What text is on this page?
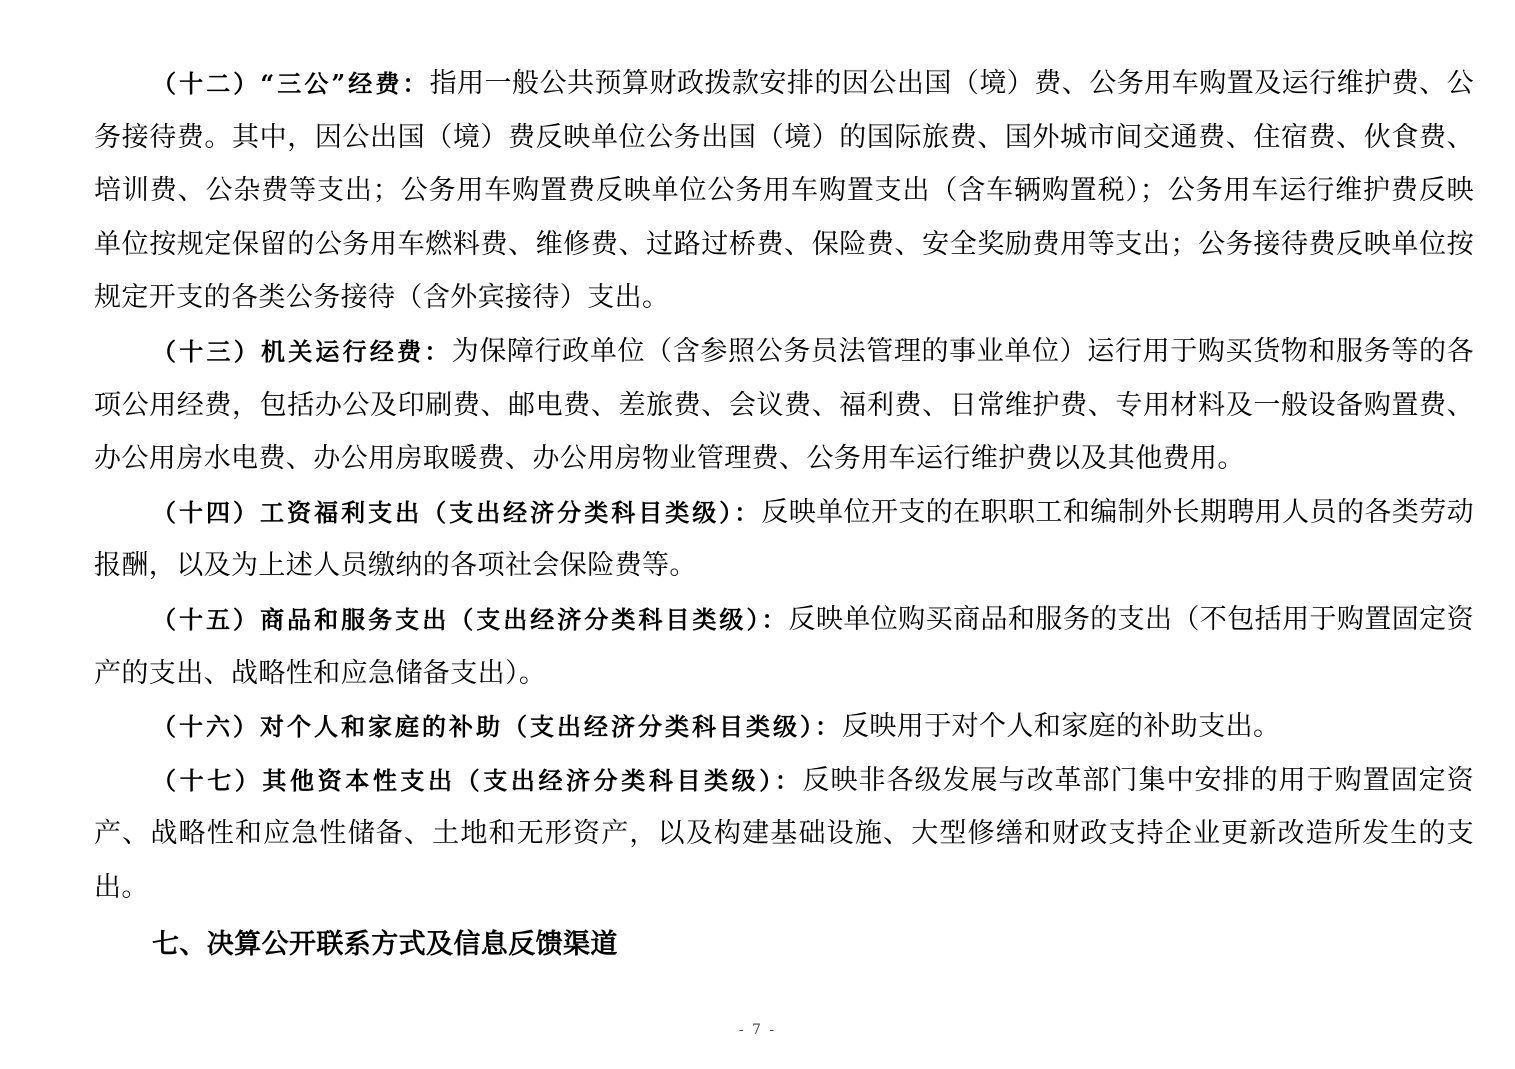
（十二）“三公”经费：指用一般公共预算财政拨款安排的因公出国（境）费、公务用车购置及运行维护费、公务接待费。其中，因公出国（境）费反映单位公务出国（境）的国际旅费、国外城市间交通费、住宿费、伙食费、培训费、公杂费等支出；公务用车购置费反映单位公务用车购置支出（含车辆购置税）；公务用车运行维护费反映单位按规定保留的公务用车燃料费、维修费、过路过桥费、保险费、安全奖励费用等支出；公务接待费反映单位按规定开支的各类公务接待（含外宾接待）支出。

（十三）机关运行经费：为保障行政单位（含参照公务员法管理的事业单位）运行用于购买货物和服务等的各项公用经费，包括办公及印刷费、邮电费、差旅费、会议费、福利费、日常维护费、专用材料及一般设备购置费、办公用房水电费、办公用房取暖费、办公用房物业管理费、公务用车运行维护费以及其他费用。

（十四）工资福利支出（支出经济分类科目类级）：反映单位开支的在职职工和编制外长期聘用人员的各类劳动报酬，以及为上述人员缴纳的各项社会保险费等。

（十五）商品和服务支出（支出经济分类科目类级）：反映单位购买商品和服务的支出（不包括用于购置固定资产的支出、战略性和应急储备支出）。

（十六）对个人和家庭的补助（支出经济分类科目类级）：反映用于对个人和家庭的补助支出。

（十七）其他资本性支出（支出经济分类科目类级）：反映非各级发展与改革部门集中安排的用于购置固定资产、战略性和应急性储备、土地和无形资产，以及构建基础设施、大型修缮和财政支持企业更新改造所发生的支出。

七、决算公开联系方式及信息反馈渠道
- 7 -
